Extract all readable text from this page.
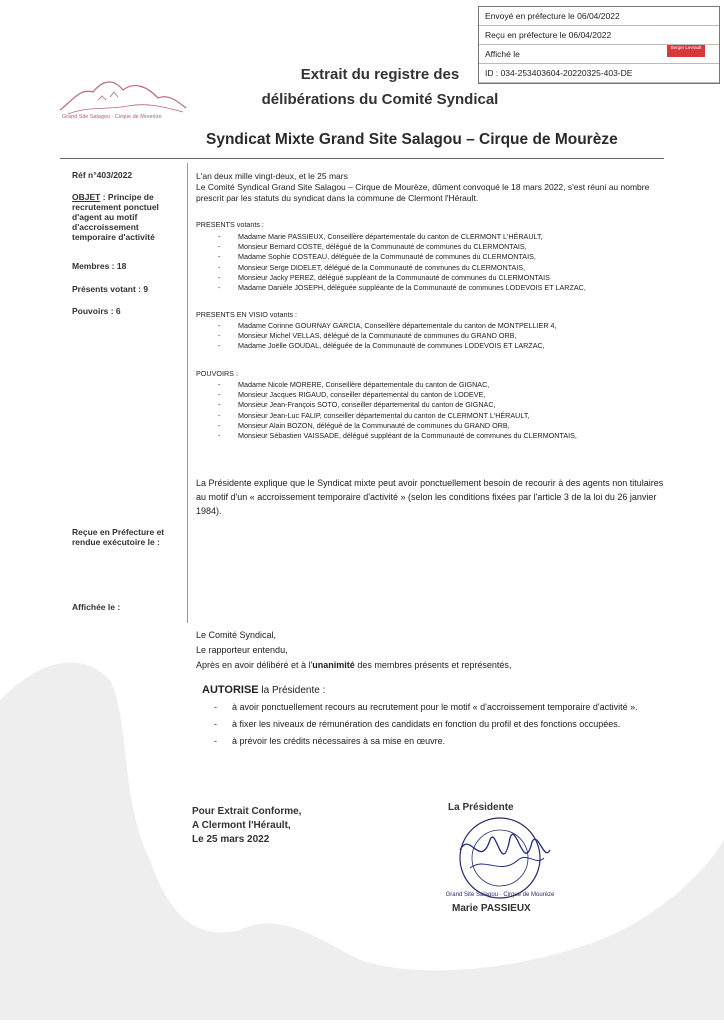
Envoyé en préfecture le 06/04/2022
Reçu en préfecture le 06/04/2022
Affiché le
ID : 034-253403604-20220325-403-DE
Berger Levrault
Grand Site Salagou · Cirque de Mourèze
Extrait du registre des
délibérations du Comité Syndical
Syndicat Mixte Grand Site Salagou – Cirque de Mourèze
Réf n°403/2022
OBJET : Principe de recrutement ponctuel d'agent au motif d'accroissement temporaire d'activité
Membres : 18
Présents votant : 9
Pouvoirs : 6
Reçue en Préfecture et rendue exécutoire le :
Affichée le :
L'an deux mille vingt-deux, et le 25 mars
Le Comité Syndical Grand Site Salagou – Cirque de Mourèze, dûment convoqué le 18 mars 2022, s'est réuni au nombre prescrit par les statuts du syndicat dans la commune de Clermont l'Hérault.
PRESENTS votants :
- Madame Marie PASSIEUX, Conseillère départementale du canton de CLERMONT L'HÉRAULT,
- Monsieur Bernard COSTE, délégué de la Communauté de communes du CLERMONTAIS,
- Madame Sophie COSTEAU, déléguée de la Communauté de communes du CLERMONTAIS,
- Monsieur Serge DIDELET, délégué de la Communauté de communes du CLERMONTAIS,
- Monsieur Jacky PEREZ, délégué suppléant de la Communauté de communes du CLERMONTAIS
- Madame Danièle JOSEPH, déléguée suppléante de la Communauté de communes LODEVOIS ET LARZAC,
PRESENTS EN VISIO votants :
- Madame Corinne GOURNAY GARCIA, Conseillère départementale du canton de MONTPELLIER 4,
- Monsieur Michel VELLAS, délégué de la Communauté de communes du GRAND ORB,
- Madame Joëlle GOUDAL, déléguée de la Communauté de communes LODEVOIS ET LARZAC,
POUVOIRS :
- Madame Nicole MORERE, Conseillère départementale du canton de GIGNAC,
- Monsieur Jacques RIGAUD, conseiller départemental du canton de LODEVE,
- Monsieur Jean-François SOTO, conseiller départemental du canton de GIGNAC,
- Monsieur Jean-Luc FALIP, conseiller départemental du canton de CLERMONT L'HÉRAULT,
- Monsieur Alain BOZON, délégué de la Communauté de communes du GRAND ORB,
- Monsieur Sébastien VAISSADE, délégué suppléant de la Communauté de communes du CLERMONTAIS,
La Présidente explique que le Syndicat mixte peut avoir ponctuellement besoin de recourir à des agents non titulaires au motif d'un « accroissement temporaire d'activité » (selon les conditions fixées par l'article 3 de la loi du 26 janvier 1984).
Le Comité Syndical,
Le rapporteur entendu,
Après en avoir délibéré et à l'unanimité des membres présents et représentés,
AUTORISE la Présidente :
- à avoir ponctuellement recours au recrutement pour le motif « d'accroissement temporaire d'activité ».
- à fixer les niveaux de rémunération des candidats en fonction du profil et des fonctions occupées.
- à prévoir les crédits nécessaires à sa mise en œuvre.
Pour Extrait Conforme,
A Clermont l'Hérault,
Le 25 mars 2022
La Présidente
Grand Site Salagou · Cirque de Mourèze
Marie PASSIEUX
